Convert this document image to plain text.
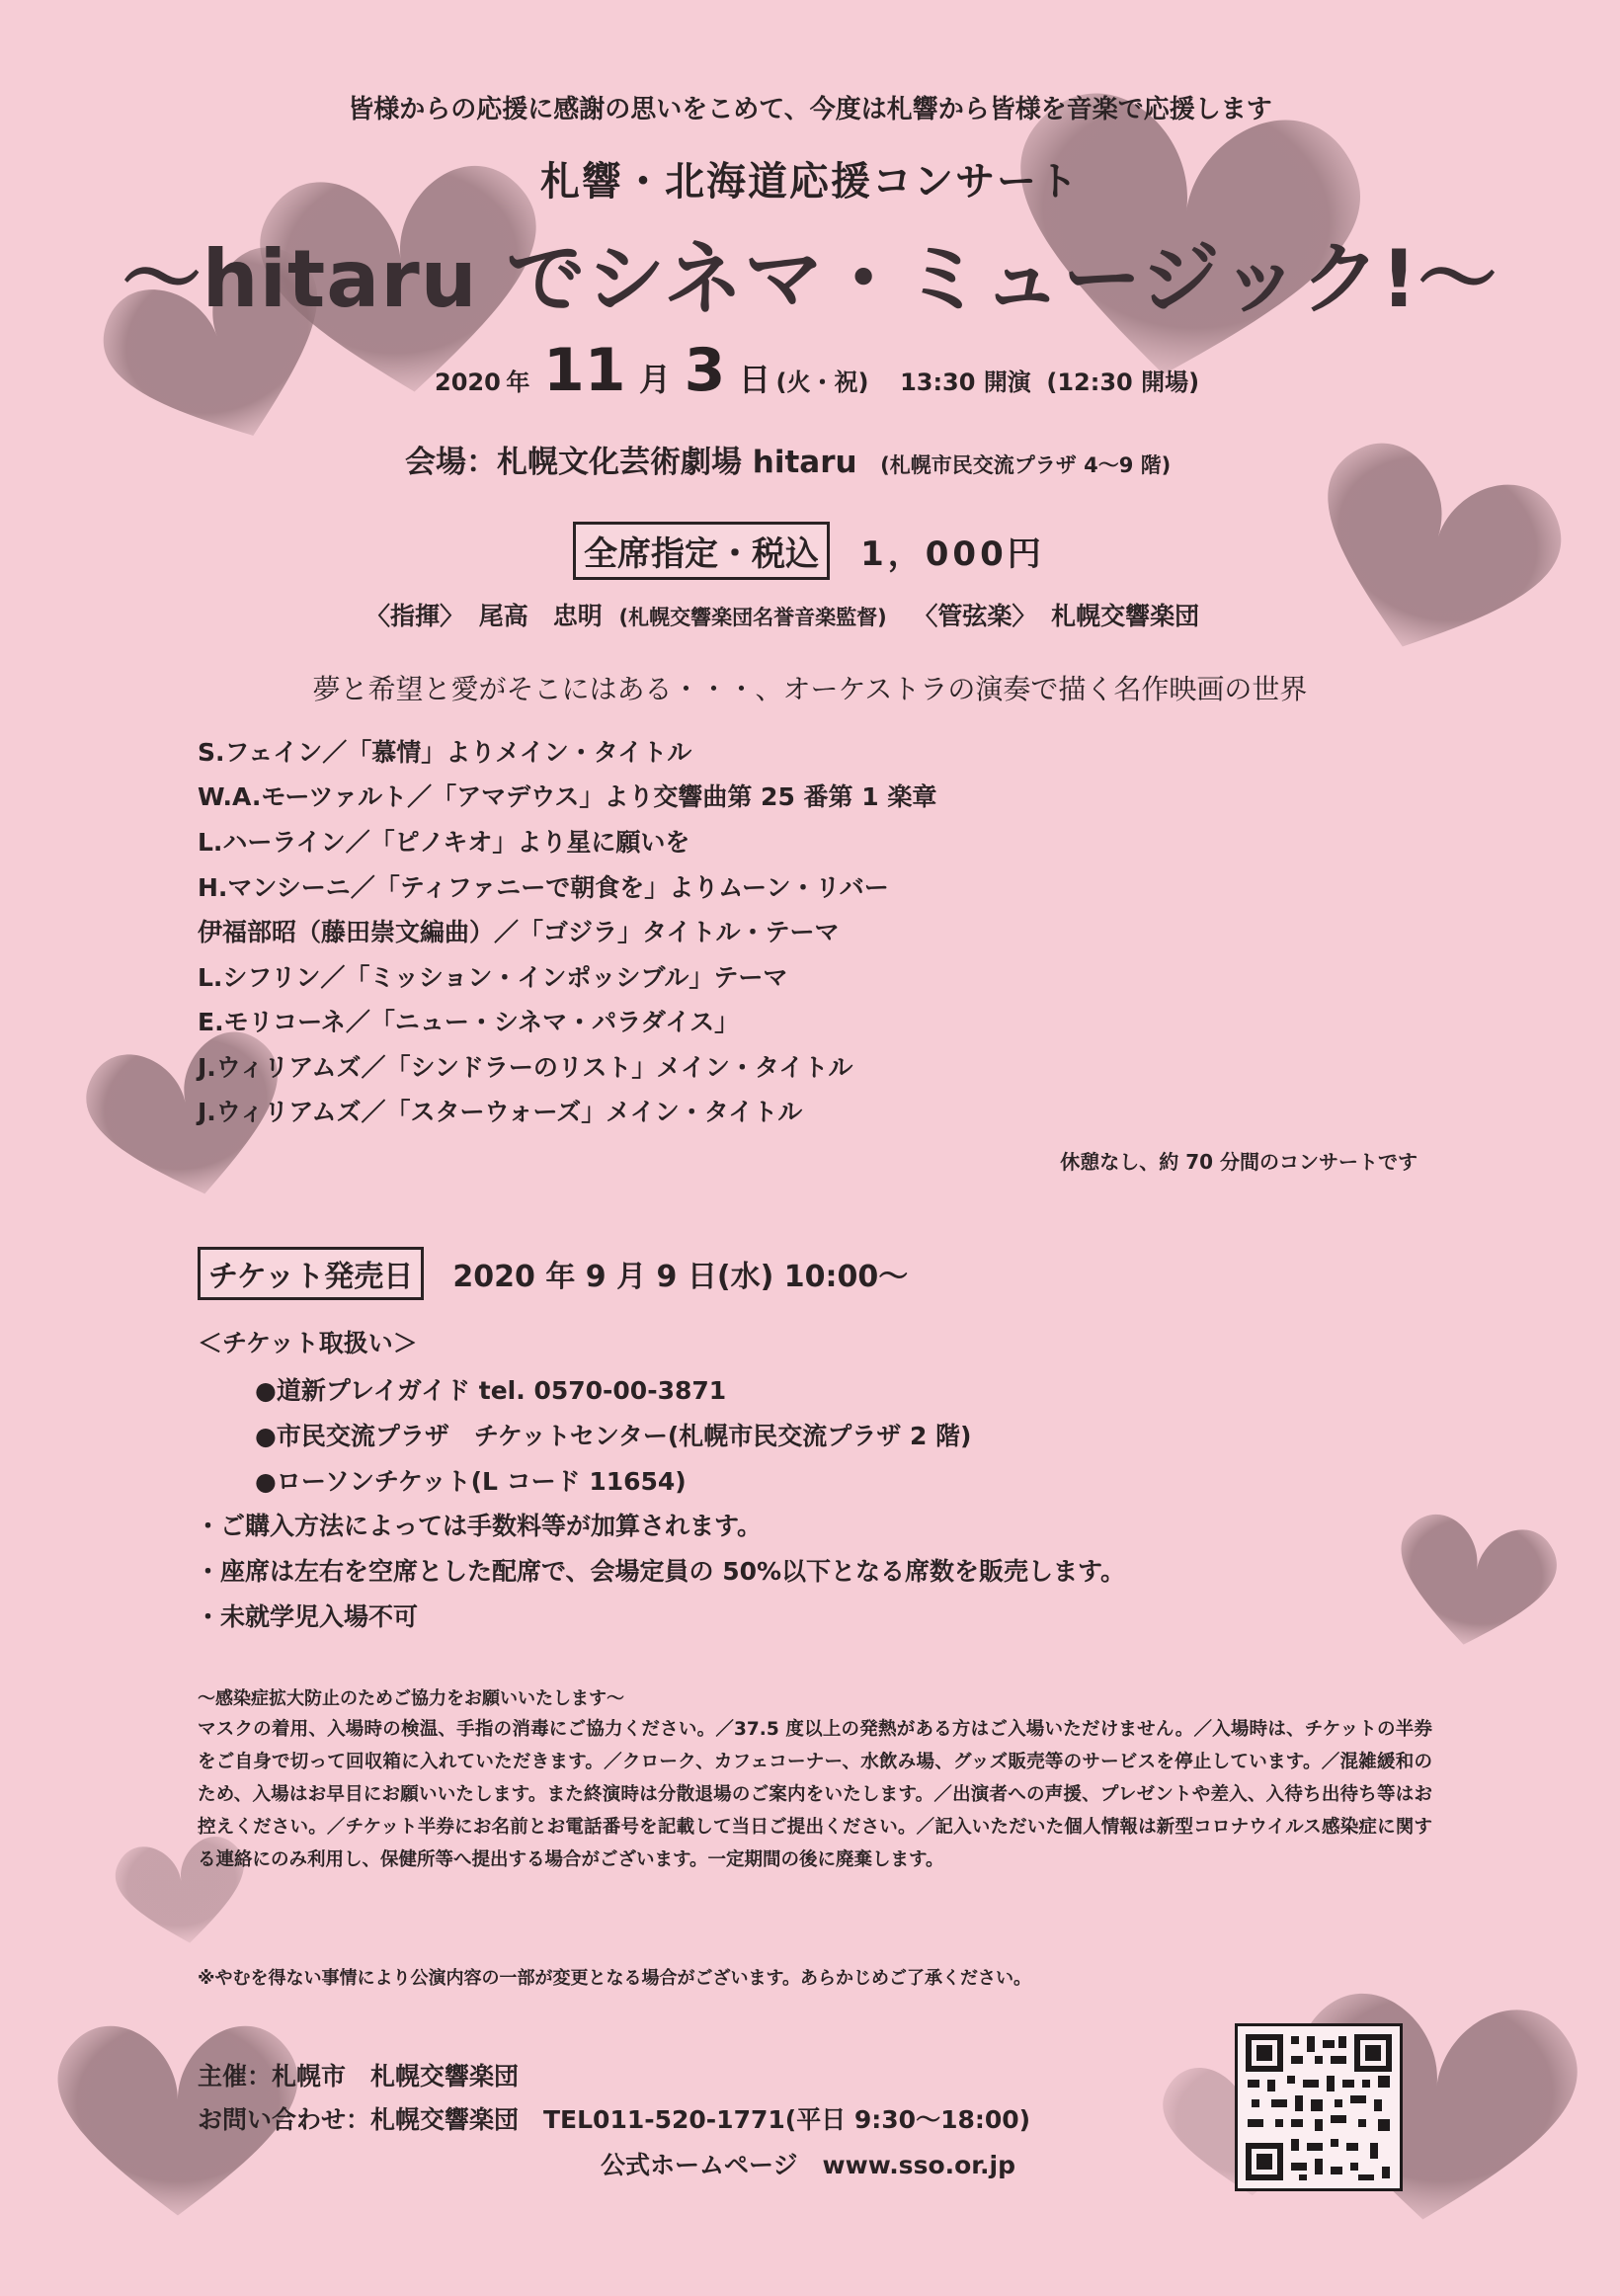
皆様からの応援に感謝の思いをこめて、今度は札響から皆様を音楽で応援します
札響・北海道応援コンサート
～hitaru でシネマ・ミュージック!～
2020 年 11 月 3 日 (火・祝) 13:30 開演 (12:30 開場)
会場：札幌文化芸術劇場 hitaru (札幌市民交流プラザ 4～9 階)
全席指定・税込 1，000円
〈指揮〉 尾高　忠明 (札幌交響楽団名誉音楽監督) 〈管弦楽〉 札幌交響楽団
夢と希望と愛がそこにはある・・・、オーケストラの演奏で描く名作映画の世界
S.フェイン／「慕情」よりメイン・タイトル
W.A.モーツァルト／「アマデウス」より交響曲第 25 番第 1 楽章
L.ハーライン／「ピノキオ」より星に願いを
H.マンシーニ／「ティファニーで朝食を」よりムーン・リバー
伊福部昭（藤田崇文編曲）／「ゴジラ」タイトル・テーマ
L.シフリン／「ミッション・インポッシブル」テーマ
E.モリコーネ／「ニュー・シネマ・パラダイス」
J.ウィリアムズ／「シンドラーのリスト」メイン・タイトル
J.ウィリアムズ／「スターウォーズ」メイン・タイトル
休憩なし、約 70 分間のコンサートです
チケット発売日 2020 年 9 月 9 日(水) 10:00～
＜チケット取扱い＞
●道新プレイガイド tel. 0570-00-3871
●市民交流プラザ　チケットセンター(札幌市民交流プラザ 2 階)
●ローソンチケット(L コード 11654)
・ご購入方法によっては手数料等が加算されます。
・座席は左右を空席とした配席で、会場定員の 50%以下となる席数を販売します。
・未就学児入場不可
～感染症拡大防止のためご協力をお願いいたします～
マスクの着用、入場時の検温、手指の消毒にご協力ください。／37.5 度以上の発熱がある方はご入場いただけません。／入場時は、チケットの半券をご自身で切って回収箱に入れていただきます。／クローク、カフェコーナー、水飲み場、グッズ販売等のサービスを停止しています。／混雑緩和のため、入場はお早目にお願いいたします。また終演時は分散退場のご案内をいたします。／出演者への声援、プレゼントや差入、入待ち出待ち等はお控えください。／チケット半券にお名前とお電話番号を記載して当日ご提出ください。／記入いただいた個人情報は新型コロナウイルス感染症に関する連絡にのみ利用し、保健所等へ提出する場合がございます。一定期間の後に廃棄します。
※やむを得ない事情により公演内容の一部が変更となる場合がございます。あらかじめご了承ください。
主催：札幌市　札幌交響楽団
お問い合わせ：札幌交響楽団　TEL011-520-1771(平日 9:30～18:00)
公式ホームページ　www.sso.or.jp
